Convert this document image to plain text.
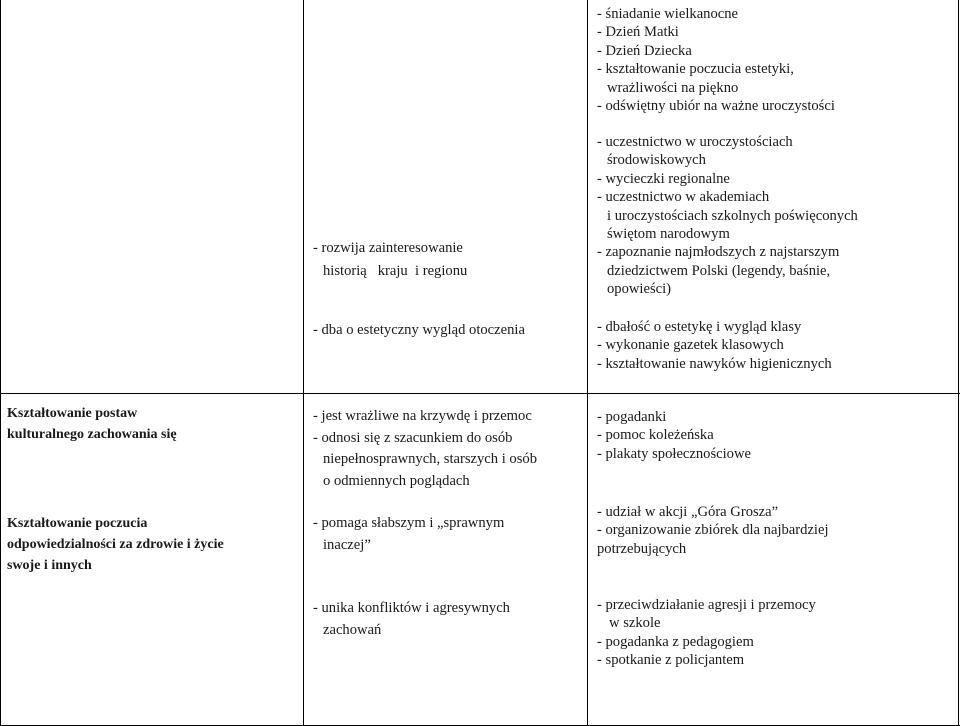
- śniadanie wielkanocne
- Dzień Matki
- Dzień Dziecka
- kształtowanie poczucia estetyki,
wrażliwości na piękno
- odświętny ubiór na ważne uroczystości
- uczestnictwo w uroczystościach
środowiskowych
- wycieczki regionalne
- uczestnictwo w akademiach
i uroczystościach szkolnych poświęconych
świętom narodowym
- zapoznanie najmłodszych z najstarszym
dziedzictwem Polski (legendy, baśnie,
opowieści)
- rozwija zainteresowanie
historią   kraju  i regionu
- dba o estetyczny wygląd otoczenia	- dbałość o estetykę i wygląd klasy
- wykonanie gazetek klasowych
- kształtowanie nawyków higienicznych
Kształtowanie postaw
kulturalnego zachowania się
Kształtowanie poczucia
odpowiedzialności za zdrowie i życie
swoje i innych
- jest wrażliwe na krzywdę i przemoc
- odnosi się z szacunkiem do osób
niepełnosprawnych, starszych i osób
o odmiennych poglądach
- pomaga słabszym i „sprawnym
inaczej”
- unika konfliktów i agresywnych
zachowań
- pogadanki
- pomoc koleżeńska
- plakaty społecznościowe
- udział w akcji „Góra Grosza”
- organizowanie zbiórek dla najbardziej
potrzebujących
- przeciwdziałanie agresji i przemocy
w szkole
- pogadanka z pedagogiem
- spotkanie z policjantem
